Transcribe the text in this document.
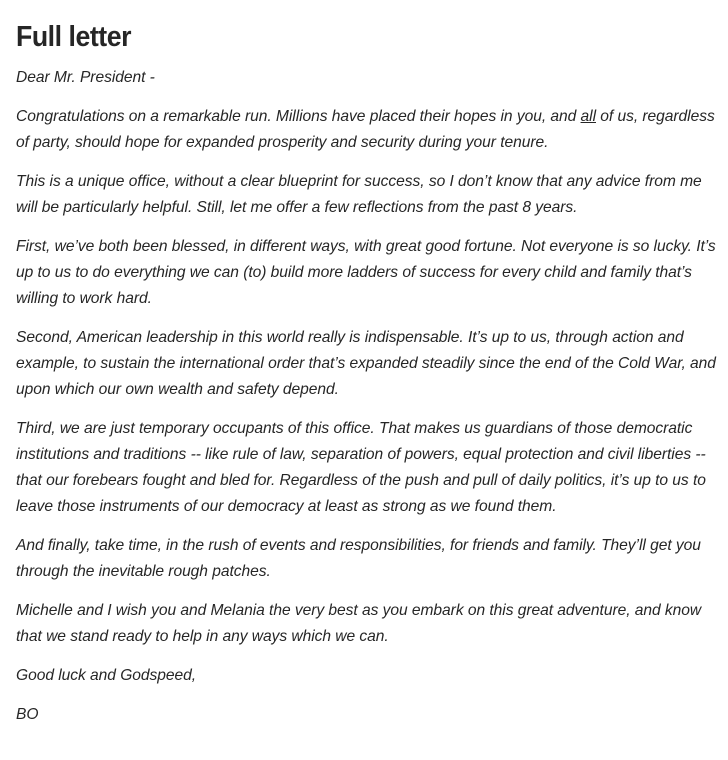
Full letter

Dear Mr. President -

Congratulations on a remarkable run. Millions have placed their hopes in you, and all of us, regardless of party, should hope for expanded prosperity and security during your tenure.

This is a unique office, without a clear blueprint for success, so I don’t know that any advice from me will be particularly helpful. Still, let me offer a few reflections from the past 8 years.

First, we’ve both been blessed, in different ways, with great good fortune. Not everyone is so lucky. It’s up to us to do everything we can (to) build more ladders of success for every child and family that’s willing to work hard.

Second, American leadership in this world really is indispensable. It’s up to us, through action and example, to sustain the international order that’s expanded steadily since the end of the Cold War, and upon which our own wealth and safety depend.

Third, we are just temporary occupants of this office. That makes us guardians of those democratic institutions and traditions -- like rule of law, separation of powers, equal protection and civil liberties -- that our forebears fought and bled for. Regardless of the push and pull of daily politics, it’s up to us to leave those instruments of our democracy at least as strong as we found them.

And finally, take time, in the rush of events and responsibilities, for friends and family. They’ll get you through the inevitable rough patches.

Michelle and I wish you and Melania the very best as you embark on this great adventure, and know that we stand ready to help in any ways which we can.

Good luck and Godspeed,

BO
